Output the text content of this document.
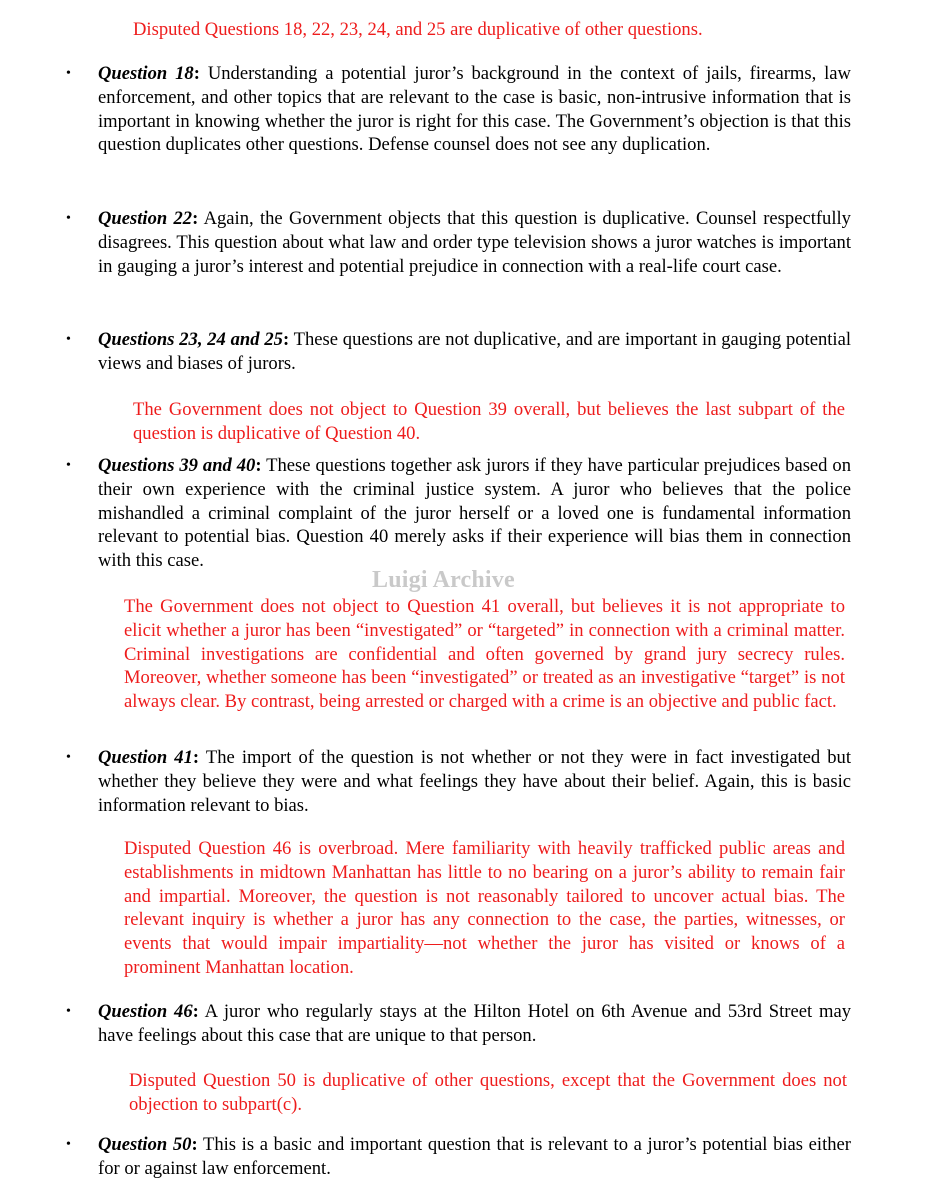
Disputed Questions 18, 22, 23, 24, and 25 are duplicative of other questions.

• Question 18: Understanding a potential juror’s background in the context of jails, firearms, law enforcement, and other topics that are relevant to the case is basic, non-intrusive information that is important in knowing whether the juror is right for this case. The Government’s objection is that this question duplicates other questions. Defense counsel does not see any duplication.
• Question 22: Again, the Government objects that this question is duplicative. Counsel respectfully disagrees. This question about what law and order type television shows a juror watches is important in gauging a juror’s interest and potential prejudice in connection with a real-life court case.
• Questions 23, 24 and 25: These questions are not duplicative, and are important in gauging potential views and biases of jurors.

The Government does not object to Question 39 overall, but believes the last subpart of the question is duplicative of Question 40.

• Questions 39 and 40: These questions together ask jurors if they have particular prejudices based on their own experience with the criminal justice system. A juror who believes that the police mishandled a criminal complaint of the juror herself or a loved one is fundamental information relevant to potential bias. Question 40 merely asks if their experience will bias them in connection with this case.
Luigi Archive

The Government does not object to Question 41 overall, but believes it is not appropriate to elicit whether a juror has been “investigated” or “targeted” in connection with a criminal matter. Criminal investigations are confidential and often governed by grand jury secrecy rules. Moreover, whether someone has been “investigated” or treated as an investigative “target” is not always clear. By contrast, being arrested or charged with a crime is an objective and public fact.

• Question 41: The import of the question is not whether or not they were in fact investigated but whether they believe they were and what feelings they have about their belief. Again, this is basic information relevant to bias.

Disputed Question 46 is overbroad. Mere familiarity with heavily trafficked public areas and establishments in midtown Manhattan has little to no bearing on a juror’s ability to remain fair and impartial. Moreover, the question is not reasonably tailored to uncover actual bias. The relevant inquiry is whether a juror has any connection to the case, the parties, witnesses, or events that would impair impartiality—not whether the juror has visited or knows of a prominent Manhattan location.

• Question 46: A juror who regularly stays at the Hilton Hotel on 6th Avenue and 53rd Street may have feelings about this case that are unique to that person.

Disputed Question 50 is duplicative of other questions, except that the Government does not objection to subpart(c).

• Question 50: This is a basic and important question that is relevant to a juror’s potential bias either for or against law enforcement.
